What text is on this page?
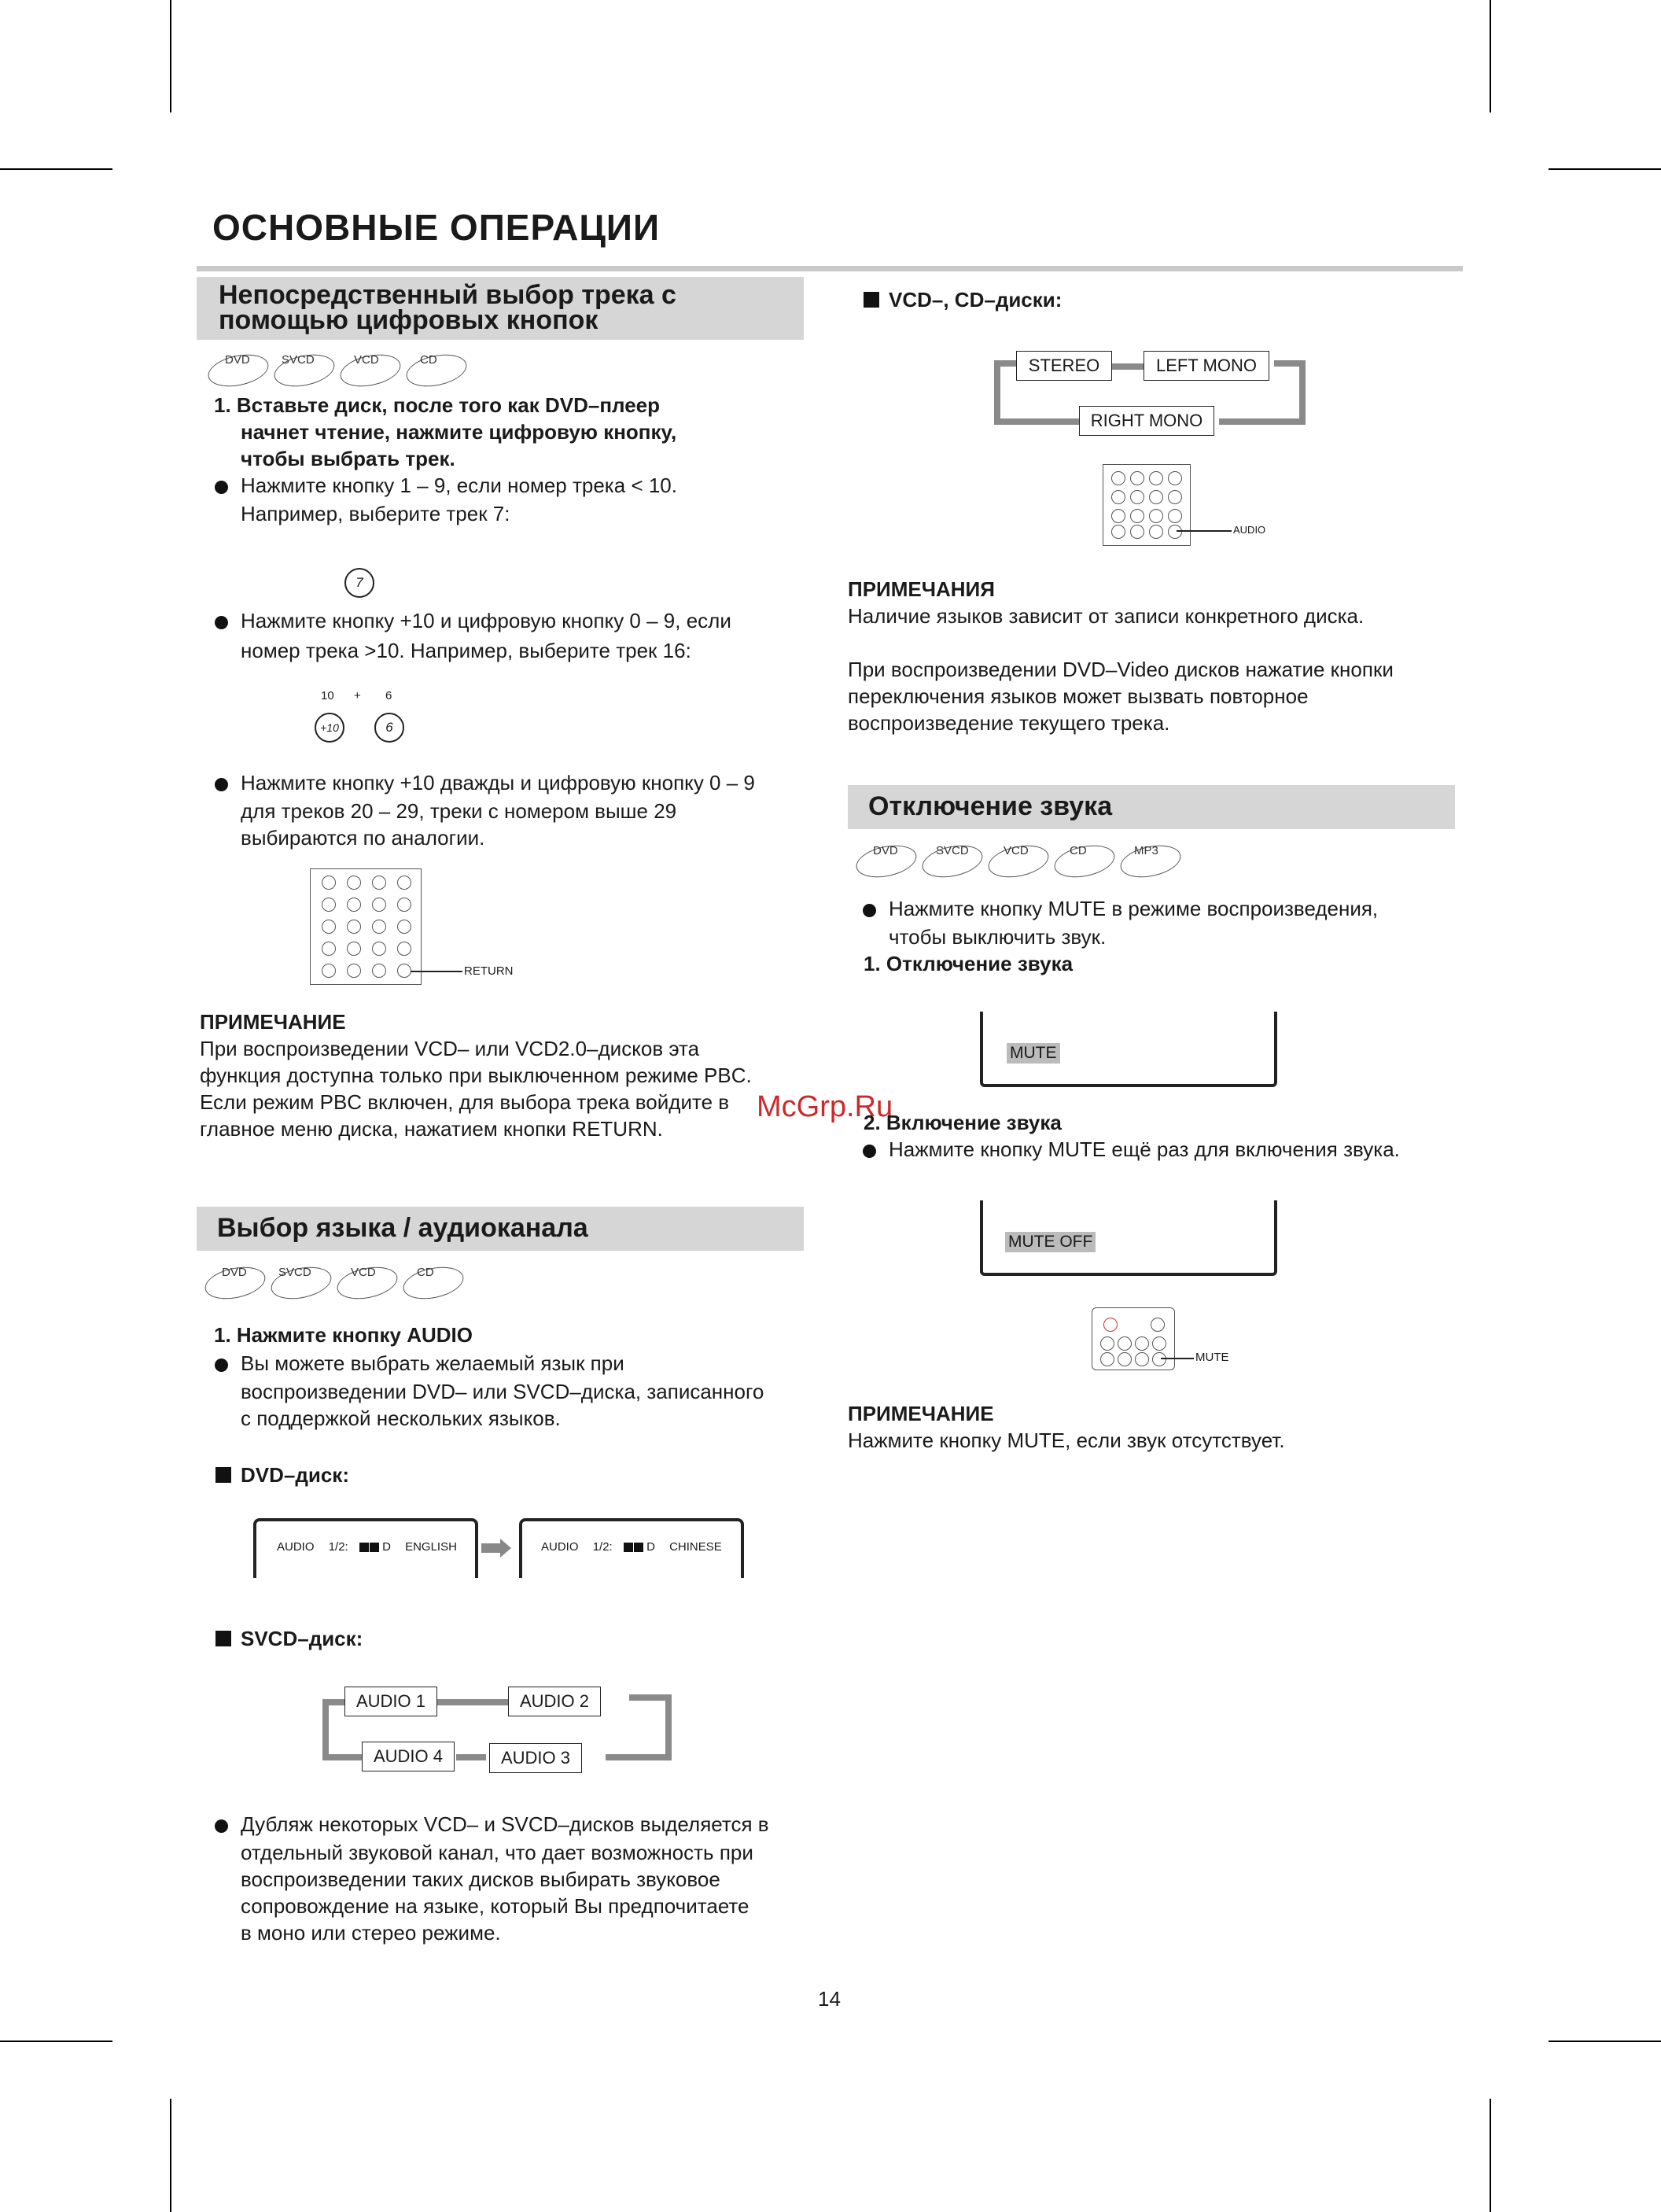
ОСНОВНЫЕ ОПЕРАЦИИ
Непосредственный выбор трека с
помощью цифровых кнопок
DVD	SVCD	VCD	CD
1. Вставьте диск, после того как DVD–плеер
начнет чтение, нажмите цифровую кнопку,
чтобы выбрать трек.
Нажмите кнопку 1 – 9, если номер трека < 10.
Например, выберите трек 7:
7
Нажмите кнопку +10 и цифровую кнопку 0 – 9, если
номер трека >10. Например, выберите трек 16:
10 + 6
+10	6
Нажмите кнопку +10 дважды и цифровую кнопку 0 – 9
для треков 20 – 29, треки с номером выше 29
выбираются по аналогии.
RETURN
ПРИМЕЧАНИЕ
При воспроизведении VCD– или VCD2.0–дисков эта
функция доступна только при выключенном режиме PBC.
Если режим PBC включен, для выбора трека войдите в
главное меню диска, нажатием кнопки RETURN.
McGrp.Ru
Выбор языка / аудиоканала
DVD	SVCD	VCD	CD
1. Нажмите кнопку AUDIO
Вы можете выбрать желаемый язык при
воспроизведении DVD– или SVCD–диска, записанного
с поддержкой нескольких языков.
DVD–диск:
AUDIO 1/2:	D ENGLISH	AUDIO 1/2:	D CHINESE
SVCD–диск:
AUDIO 1	AUDIO 2
AUDIO 4	AUDIO 3
Дубляж некоторых VCD– и SVCD–дисков выделяется в
отдельный звуковой канал, что дает возможность при
воспроизведении таких дисков выбирать звуковое
сопровождение на языке, который Вы предпочитаете
в моно или стерео режиме.
14
VCD–, CD–диски:
STEREO	LEFT MONO
RIGHT MONO
AUDIO
ПРИМЕЧАНИЯ
Наличие языков зависит от записи конкретного диска.
При воспроизведении DVD–Video дисков нажатие кнопки
переключения языков может вызвать повторное
воспроизведение текущего трека.
Отключение звука
DVD	SVCD	VCD	CD	MP3
Нажмите кнопку MUTE в режиме воспроизведения,
чтобы выключить звук.
1. Отключение звука
MUTE
2. Включение звука
Нажмите кнопку MUTE ещё раз для включения звука.
MUTE OFF
MUTE
ПРИМЕЧАНИЕ
Нажмите кнопку MUTE, если звук отсутствует.
